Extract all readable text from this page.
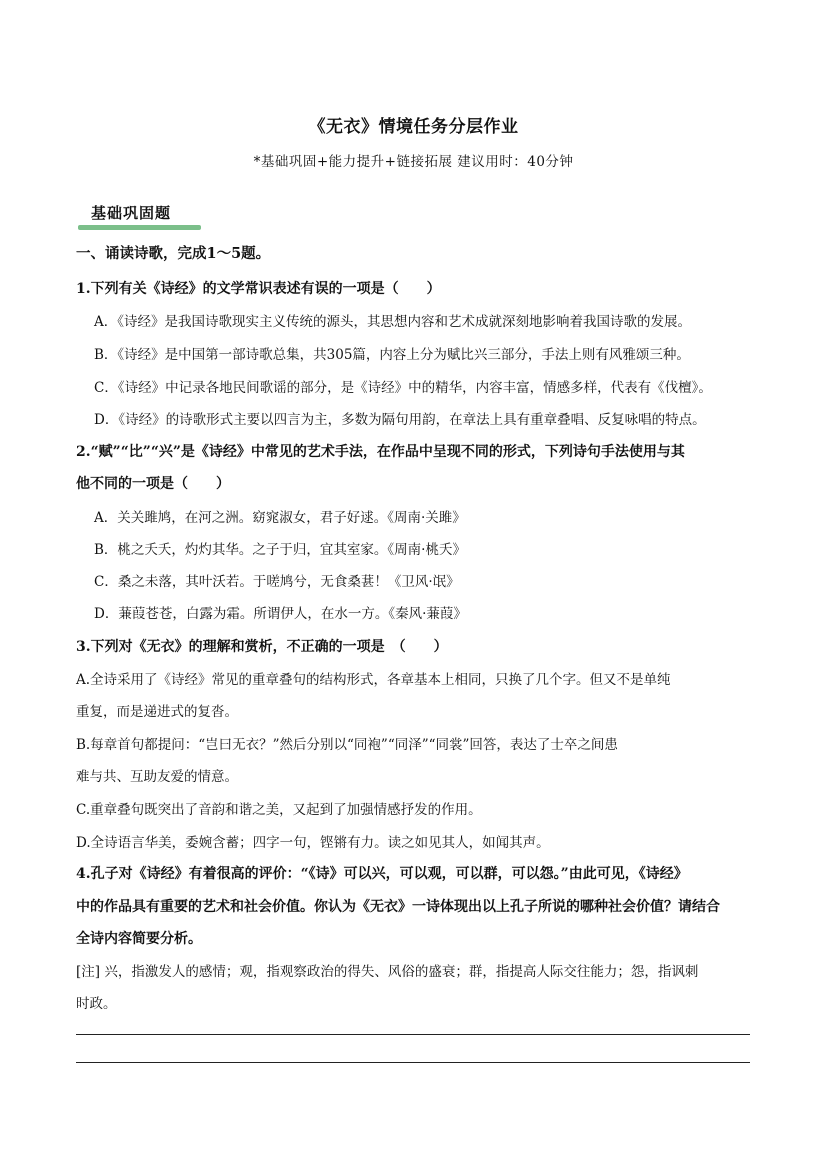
《无衣》情境任务分层作业
*基础巩固+能力提升+链接拓展 建议用时：40分钟
基础巩固题
一、诵读诗歌，完成1～5题。
1.下列有关《诗经》的文学常识表述有误的一项是（　　）
A．《诗经》是我国诗歌现实主义传统的源头，其思想内容和艺术成就深刻地影响着我国诗歌的发展。
B．《诗经》是中国第一部诗歌总集，共305篇，内容上分为赋比兴三部分，手法上则有风雅颂三种。
C．《诗经》中记录各地民间歌谣的部分，是《诗经》中的精华，内容丰富，情感多样，代表有《伐檀》。
D．《诗经》的诗歌形式主要以四言为主，多数为隔句用韵，在章法上具有重章叠唱、反复咏唱的特点。
2.“赋”“比”“兴”是《诗经》中常见的艺术手法，在作品中呈现不同的形式，下列诗句手法使用与其
他不同的一项是（　　）
A．关关雎鸠，在河之洲。窈窕淑女，君子好逑。《周南·关雎》
B．桃之夭夭，灼灼其华。之子于归，宜其室家。《周南·桃夭》
C．桑之未落，其叶沃若。于嗟鸠兮，无食桑葚！《卫风·氓》
D．蒹葭苍苍，白露为霜。所谓伊人，在水一方。《秦风·蒹葭》
3.下列对《无衣》的理解和赏析，不正确的一项是　（　　）
A.全诗采用了《诗经》常见的重章叠句的结构形式，各章基本上相同，只换了几个字。但又不是单纯
重复，而是递进式的复沓。
B.每章首句都提问：“岂曰无衣？”然后分别以“同袍”“同泽”“同裳”回答，表达了士卒之间患
难与共、互助友爱的情意。
C.重章叠句既突出了音韵和谐之美，又起到了加强情感抒发的作用。
D.全诗语言华美，委婉含蓄；四字一句，铿锵有力。读之如见其人，如闻其声。
4.孔子对《诗经》有着很高的评价：“《诗》可以兴，可以观，可以群，可以怨。”由此可见，《诗经》
中的作品具有重要的艺术和社会价值。你认为《无衣》一诗体现出以上孔子所说的哪种社会价值？请结合
全诗内容简要分析。
[注] 兴，指激发人的感情；观，指观察政治的得失、风俗的盛衰；群，指提高人际交往能力；怨，指讽刺
时政。
